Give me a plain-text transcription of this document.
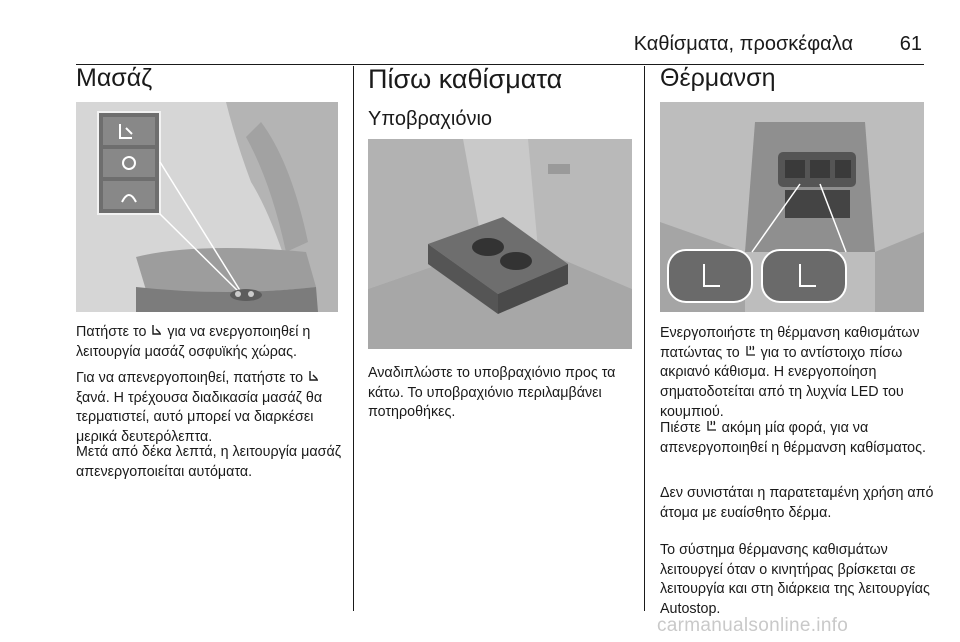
Καθίσματα, προσκέφαλα 61
Μασάζ

Πατήστε το  για να ενεργοποιηθεί η λειτουργία μασάζ οσφυϊκής χώρας.

Για να απενεργοποιηθεί, πατήστε το  ξανά. Η τρέχουσα διαδικασία μασάζ θα τερματιστεί, αυτό μπορεί να διαρκέσει μερικά δευτερόλεπτα.

Μετά από δέκα λεπτά, η λειτουργία μασάζ απενεργοποιείται αυτόματα.

Πίσω καθίσματα
Υποβραχιόνιο

Αναδιπλώστε το υποβραχιόνιο προς τα κάτω. Το υποβραχιόνιο περιλαμβάνει ποτηροθήκες.

Θέρμανση

Ενεργοποιήστε τη θέρμανση καθισμάτων πατώντας το  για το αντίστοιχο πίσω ακριανό κάθισμα. Η ενεργοποίηση σηματοδοτείται από τη λυχνία LED του κουμπιού.

Πιέστε  ακόμη μία φορά, για να απενεργοποιηθεί η θέρμανση καθίσματος.

Δεν συνιστάται η παρατεταμένη χρήση από άτομα με ευαίσθητο δέρμα.

Το σύστημα θέρμανσης καθισμάτων λειτουργεί όταν ο κινητήρας βρίσκεται σε λειτουργία και στη διάρκεια της λειτουργίας Autostop.

carmanualsonline.info
